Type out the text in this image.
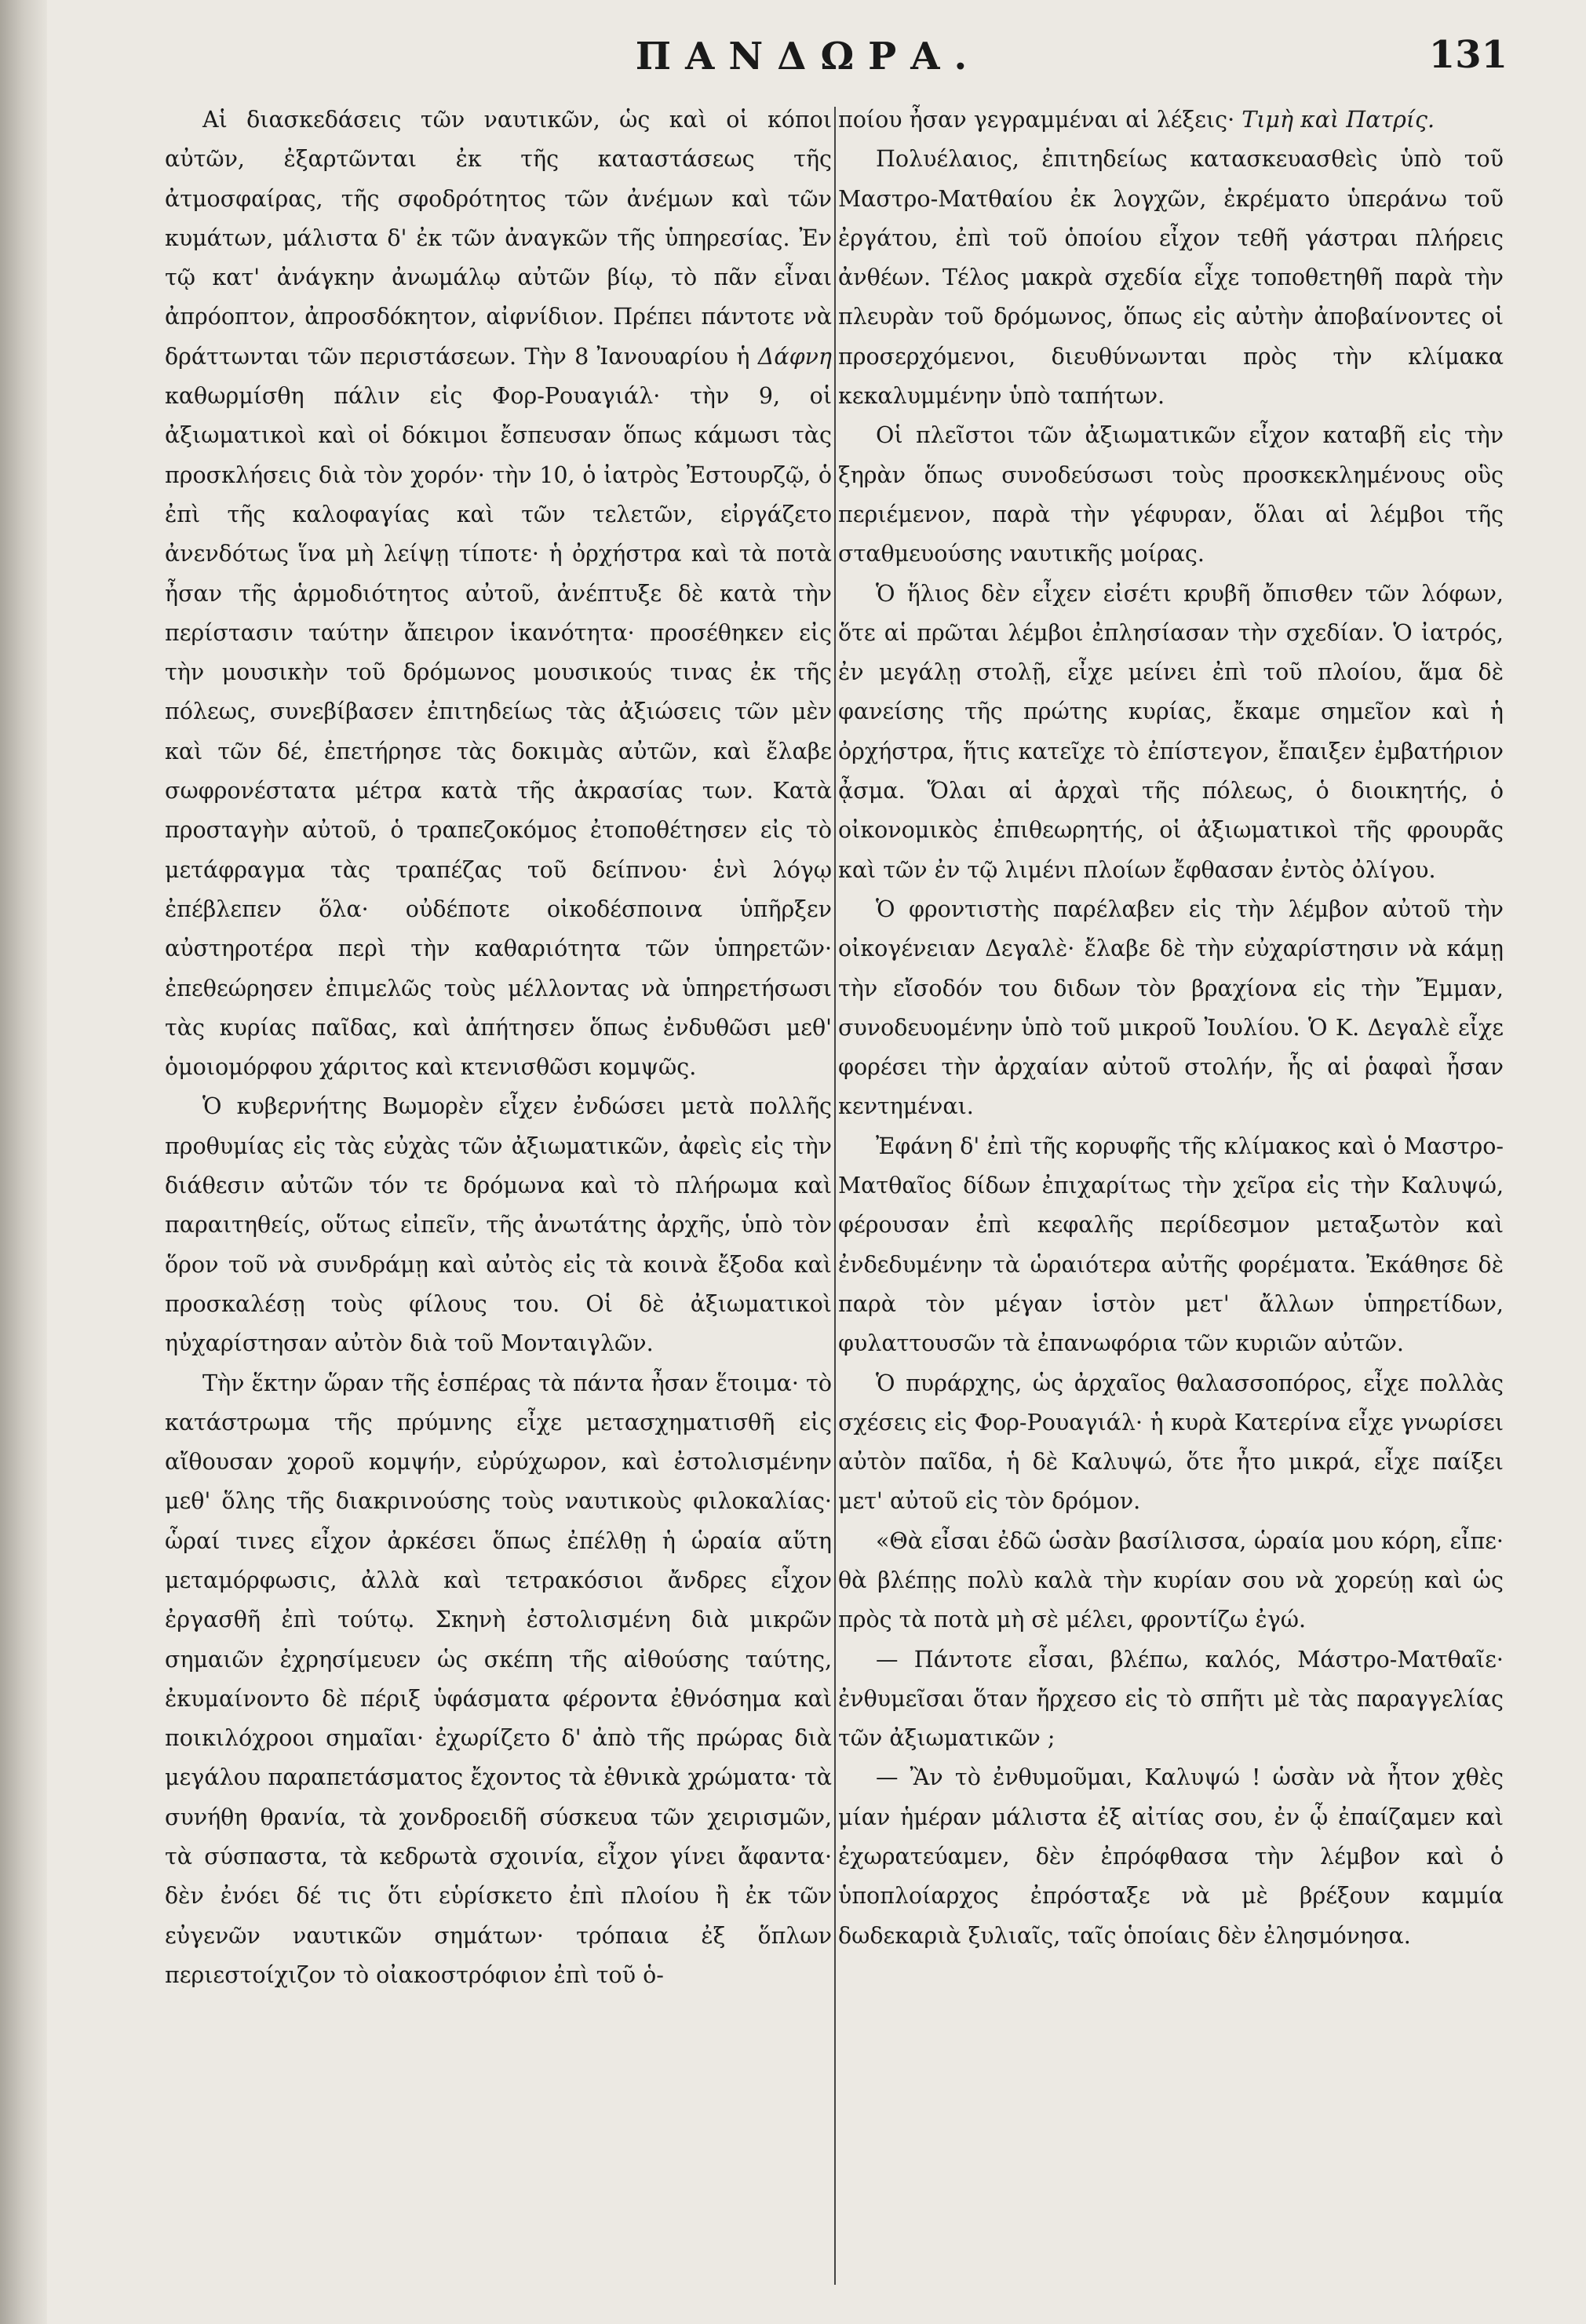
ΠΑΝΔΩΡΑ.	131

Αἱ διασκεδάσεις τῶν ναυτικῶν, ὡς καὶ οἱ κόποι αὐτῶν, ἐξαρτῶνται ἐκ τῆς καταστάσεως τῆς ἀτμοσφαίρας, τῆς σφοδρότητος τῶν ἀνέμων καὶ τῶν κυμάτων, μάλιστα δ' ἐκ τῶν ἀναγκῶν τῆς ὑπηρεσίας. Ἐν τῷ κατ' ἀνάγκην ἀνωμάλῳ αὐτῶν βίῳ, τὸ πᾶν εἶναι ἀπρόοπτον, ἀπροσδόκητον, αἰφνίδιον. Πρέπει πάντοτε νὰ δράττωνται τῶν περιστάσεων. Τὴν 8 Ἰανουαρίου ἡ Δάφνη καθωρμίσθη πάλιν εἰς Φορ-Ρουαγιάλ· τὴν 9, οἱ ἀξιωματικοὶ καὶ οἱ δόκιμοι ἔσπευσαν ὅπως κάμωσι τὰς προσκλήσεις διὰ τὸν χορόν· τὴν 10, ὁ ἰατρὸς Ἐστουρζῷ, ὁ ἐπὶ τῆς καλοφαγίας καὶ τῶν τελετῶν, εἰργάζετο ἀνενδότως ἵνα μὴ λείψῃ τίποτε· ἡ ὀρχήστρα καὶ τὰ ποτὰ ἦσαν τῆς ἁρμοδιότητος αὐτοῦ, ἀνέπτυξε δὲ κατὰ τὴν περίστασιν ταύτην ἄπειρον ἱκανότητα· προσέθηκεν εἰς τὴν μουσικὴν τοῦ δρόμωνος μουσικούς τινας ἐκ τῆς πόλεως, συνεβίβασεν ἐπιτηδείως τὰς ἀξιώσεις τῶν μὲν καὶ τῶν δέ, ἐπετήρησε τὰς δοκιμὰς αὐτῶν, καὶ ἔλαβε σωφρονέστατα μέτρα κατὰ τῆς ἀκρασίας των. Κατὰ προσταγὴν αὐτοῦ, ὁ τραπεζοκόμος ἐτοποθέτησεν εἰς τὸ μετάφραγμα τὰς τραπέζας τοῦ δείπνου· ἑνὶ λόγῳ ἐπέβλεπεν ὅλα· οὐδέποτε οἰκοδέσποινα ὑπῆρξεν αὐστηροτέρα περὶ τὴν καθαριότητα τῶν ὑπηρετῶν· ἐπεθεώρησεν ἐπιμελῶς τοὺς μέλλοντας νὰ ὑπηρετήσωσι τὰς κυρίας παῖδας, καὶ ἀπήτησεν ὅπως ἐνδυθῶσι μεθ' ὁμοιομόρφου χάριτος καὶ κτενισθῶσι κομψῶς.

Ὁ κυβερνήτης Βωμορὲν εἶχεν ἐνδώσει μετὰ πολλῆς προθυμίας εἰς τὰς εὐχὰς τῶν ἀξιωματικῶν, ἀφεὶς εἰς τὴν διάθεσιν αὐτῶν τόν τε δρόμωνα καὶ τὸ πλήρωμα καὶ παραιτηθείς, οὕτως εἰπεῖν, τῆς ἀνωτάτης ἀρχῆς, ὑπὸ τὸν ὅρον τοῦ νὰ συνδράμῃ καὶ αὐτὸς εἰς τὰ κοινὰ ἔξοδα καὶ προσκαλέσῃ τοὺς φίλους του. Οἱ δὲ ἀξιωματικοὶ ηὐχαρίστησαν αὐτὸν διὰ τοῦ Μονταιγλῶν.

Τὴν ἕκτην ὥραν τῆς ἑσπέρας τὰ πάντα ἦσαν ἕτοιμα· τὸ κατάστρωμα τῆς πρύμνης εἶχε μετασχηματισθῆ εἰς αἴθουσαν χοροῦ κομψήν, εὐρύχωρον, καὶ ἐστολισμένην μεθ' ὅλης τῆς διακρινούσης τοὺς ναυτικοὺς φιλοκαλίας· ὧραί τινες εἶχον ἀρκέσει ὅπως ἐπέλθῃ ἡ ὡραία αὕτη μεταμόρφωσις, ἀλλὰ καὶ τετρακόσιοι ἄνδρες εἶχον ἐργασθῆ ἐπὶ τούτῳ. Σκηνὴ ἐστολισμένη διὰ μικρῶν σημαιῶν ἐχρησίμευεν ὡς σκέπη τῆς αἰθούσης ταύτης, ἐκυμαίνοντο δὲ πέριξ ὑφάσματα φέροντα ἐθνόσημα καὶ ποικιλόχροοι σημαῖαι· ἐχωρίζετο δ' ἀπὸ τῆς πρώρας διὰ μεγάλου παραπετάσματος ἔχοντος τὰ ἐθνικὰ χρώματα· τὰ συνήθη θρανία, τὰ χονδροειδῆ σύσκευα τῶν χειρισμῶν, τὰ σύσπαστα, τὰ κεδρωτὰ σχοινία, εἶχον γίνει ἄφαντα· δὲν ἐνόει δέ τις ὅτι εὑρίσκετο ἐπὶ πλοίου ἢ ἐκ τῶν εὐγενῶν ναυτικῶν σημάτων· τρόπαια ἐξ ὅπλων περιεστοίχιζον τὸ οἰακοστρόφιον ἐπὶ τοῦ ὁ-

ποίου ἦσαν γεγραμμέναι αἱ λέξεις· Τιμὴ καὶ Πατρίς.

Πολυέλαιος, ἐπιτηδείως κατασκευασθεὶς ὑπὸ τοῦ Μαστρο-Ματθαίου ἐκ λογχῶν, ἐκρέματο ὑπεράνω τοῦ ἐργάτου, ἐπὶ τοῦ ὁποίου εἶχον τεθῆ γάστραι πλήρεις ἀνθέων. Τέλος μακρὰ σχεδία εἶχε τοποθετηθῆ παρὰ τὴν πλευρὰν τοῦ δρόμωνος, ὅπως εἰς αὐτὴν ἀποβαίνοντες οἱ προσερχόμενοι, διευθύνωνται πρὸς τὴν κλίμακα κεκαλυμμένην ὑπὸ ταπήτων.

Οἱ πλεῖστοι τῶν ἀξιωματικῶν εἶχον καταβῆ εἰς τὴν ξηρὰν ὅπως συνοδεύσωσι τοὺς προσκεκλημένους οὓς περιέμενον, παρὰ τὴν γέφυραν, ὅλαι αἱ λέμβοι τῆς σταθμευούσης ναυτικῆς μοίρας.

Ὁ ἥλιος δὲν εἶχεν εἰσέτι κρυβῆ ὄπισθεν τῶν λόφων, ὅτε αἱ πρῶται λέμβοι ἐπλησίασαν τὴν σχεδίαν. Ὁ ἰατρός, ἐν μεγάλῃ στολῇ, εἶχε μείνει ἐπὶ τοῦ πλοίου, ἅμα δὲ φανείσης τῆς πρώτης κυρίας, ἔκαμε σημεῖον καὶ ἡ ὀρχήστρα, ἥτις κατεῖχε τὸ ἐπίστεγον, ἔπαιξεν ἐμβατήριον ᾆσμα. Ὅλαι αἱ ἀρχαὶ τῆς πόλεως, ὁ διοικητής, ὁ οἰκονομικὸς ἐπιθεωρητής, οἱ ἀξιωματικοὶ τῆς φρουρᾶς καὶ τῶν ἐν τῷ λιμένι πλοίων ἔφθασαν ἐντὸς ὀλίγου.

Ὁ φροντιστὴς παρέλαβεν εἰς τὴν λέμβον αὐτοῦ τὴν οἰκογένειαν Δεγαλὲ· ἔλαβε δὲ τὴν εὐχαρίστησιν νὰ κάμῃ τὴν εἴσοδόν του διδων τὸν βραχίονα εἰς τὴν Ἔμμαν, συνοδευομένην ὑπὸ τοῦ μικροῦ Ἰουλίου. Ὁ Κ. Δεγαλὲ εἶχε φορέσει τὴν ἀρχαίαν αὐτοῦ στολήν, ἧς αἱ ῥαφαὶ ἦσαν κεντημέναι.

Ἐφάνη δ' ἐπὶ τῆς κορυφῆς τῆς κλίμακος καὶ ὁ Μαστρο-Ματθαῖος δίδων ἐπιχαρίτως τὴν χεῖρα εἰς τὴν Καλυψώ, φέρουσαν ἐπὶ κεφαλῆς περίδεσμον μεταξωτὸν καὶ ἐνδεδυμένην τὰ ὡραιότερα αὐτῆς φορέματα. Ἐκάθησε δὲ παρὰ τὸν μέγαν ἱστὸν μετ' ἄλλων ὑπηρετίδων, φυλαττουσῶν τὰ ἐπανωφόρια τῶν κυριῶν αὐτῶν.

Ὁ πυράρχης, ὡς ἀρχαῖος θαλασσοπόρος, εἶχε πολλὰς σχέσεις εἰς Φορ-Ρουαγιάλ· ἡ κυρὰ Κατερίνα εἶχε γνωρίσει αὐτὸν παῖδα, ἡ δὲ Καλυψώ, ὅτε ἦτο μικρά, εἶχε παίξει μετ' αὐτοῦ εἰς τὸν δρόμον.

«Θὰ εἶσαι ἐδῶ ὡσὰν βασίλισσα, ὡραία μου κόρη, εἶπε· θὰ βλέπῃς πολὺ καλὰ τὴν κυρίαν σου νὰ χορεύῃ καὶ ὡς πρὸς τὰ ποτὰ μὴ σὲ μέλει, φροντίζω ἐγώ.

— Πάντοτε εἶσαι, βλέπω, καλός, Μάστρο-Ματθαῖε· ἐνθυμεῖσαι ὅταν ἤρχεσο εἰς τὸ σπῆτι μὲ τὰς παραγγελίας τῶν ἀξιωματικῶν ;

— Ἂν τὸ ἐνθυμοῦμαι, Καλυψώ ! ὡσὰν νὰ ἦτον χθὲς μίαν ἡμέραν μάλιστα ἐξ αἰτίας σου, ἐν ᾧ ἐπαίζαμεν καὶ ἐχωρατεύαμεν, δὲν ἐπρόφθασα τὴν λέμβον καὶ ὁ ὑποπλοίαρχος ἐπρόσταξε νὰ μὲ βρέξουν καμμία δωδεκαριὰ ξυλιαῖς, ταῖς ὁποίαις δὲν ἐλησμόνησα.
